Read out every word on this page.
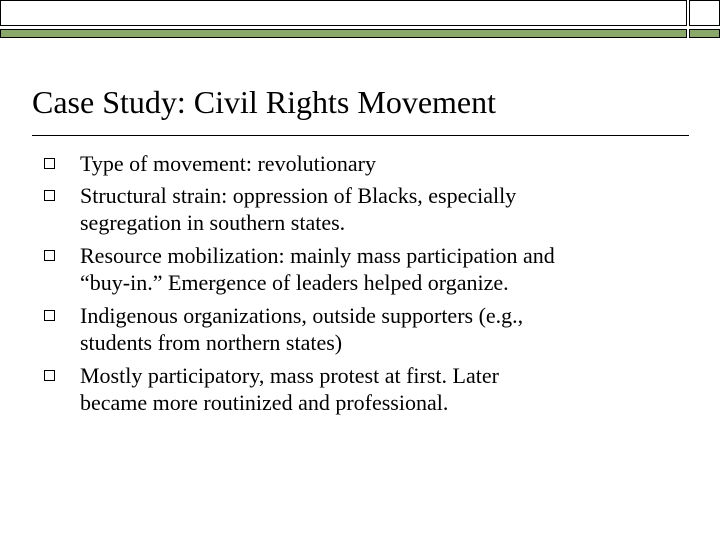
Case Study: Civil Rights Movement
Type of movement: revolutionary
Structural strain: oppression of Blacks, especially
segregation in southern states.
Resource mobilization: mainly mass participation and
“buy-in.” Emergence of leaders helped organize.
Indigenous organizations, outside supporters (e.g.,
students from northern states)
Mostly participatory, mass protest at first. Later
became more routinized and professional.
